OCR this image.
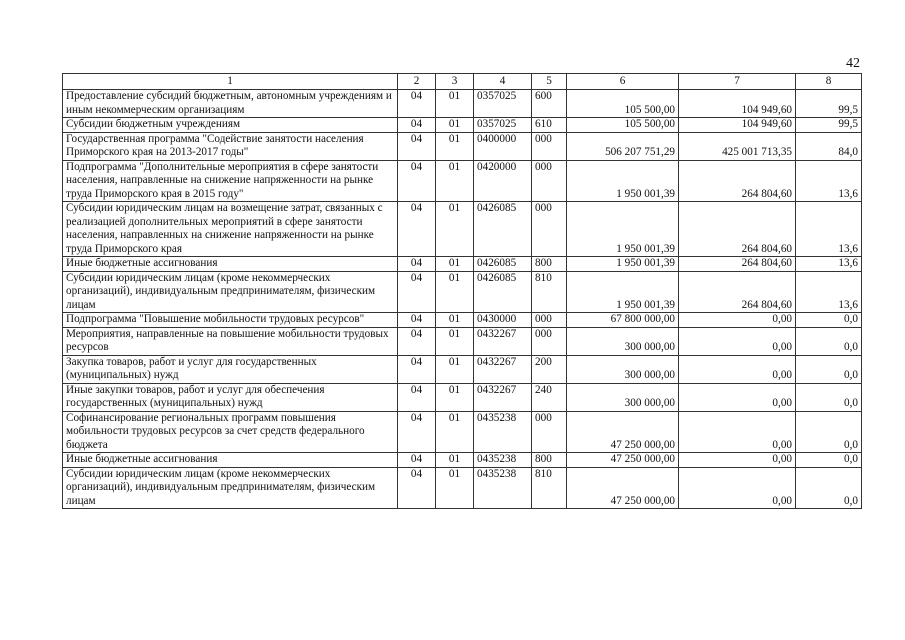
42
1	2	3	4	5	6	7	8
Предоставление субсидий бюджетным, автономным учреждениям и иным некоммерческим организациям	04	01	0357025	600	105 500,00	104 949,60	99,5
Субсидии бюджетным учреждениям	04	01	0357025	610	105 500,00	104 949,60	99,5
Государственная программа "Содействие занятости населения Приморского края на 2013-2017 годы"	04	01	0400000	000	506 207 751,29	425 001 713,35	84,0
Подпрограмма "Дополнительные мероприятия в сфере занятости населения, направленные на снижение напряженности на рынке труда Приморского края в 2015 году"	04	01	0420000	000	1 950 001,39	264 804,60	13,6
Субсидии юридическим лицам на возмещение затрат, связанных с реализацией дополнительных мероприятий в сфере занятости населения, направленных на снижение напряженности на рынке труда Приморского края	04	01	0426085	000	1 950 001,39	264 804,60	13,6
Иные бюджетные ассигнования	04	01	0426085	800	1 950 001,39	264 804,60	13,6
Субсидии юридическим лицам (кроме некоммерческих организаций), индивидуальным предпринимателям, физическим лицам	04	01	0426085	810	1 950 001,39	264 804,60	13,6
Подпрограмма "Повышение мобильности трудовых ресурсов"	04	01	0430000	000	67 800 000,00	0,00	0,0
Мероприятия, направленные на повышение мобильности трудовых ресурсов	04	01	0432267	000	300 000,00	0,00	0,0
Закупка товаров, работ и услуг для государственных (муниципальных) нужд	04	01	0432267	200	300 000,00	0,00	0,0
Иные закупки товаров, работ и услуг для обеспечения государственных (муниципальных) нужд	04	01	0432267	240	300 000,00	0,00	0,0
Софинансирование региональных программ повышения мобильности трудовых ресурсов за счет средств федерального бюджета	04	01	0435238	000	47 250 000,00	0,00	0,0
Иные бюджетные ассигнования	04	01	0435238	800	47 250 000,00	0,00	0,0
Субсидии юридическим лицам (кроме некоммерческих организаций), индивидуальным предпринимателям, физическим лицам	04	01	0435238	810	47 250 000,00	0,00	0,0
